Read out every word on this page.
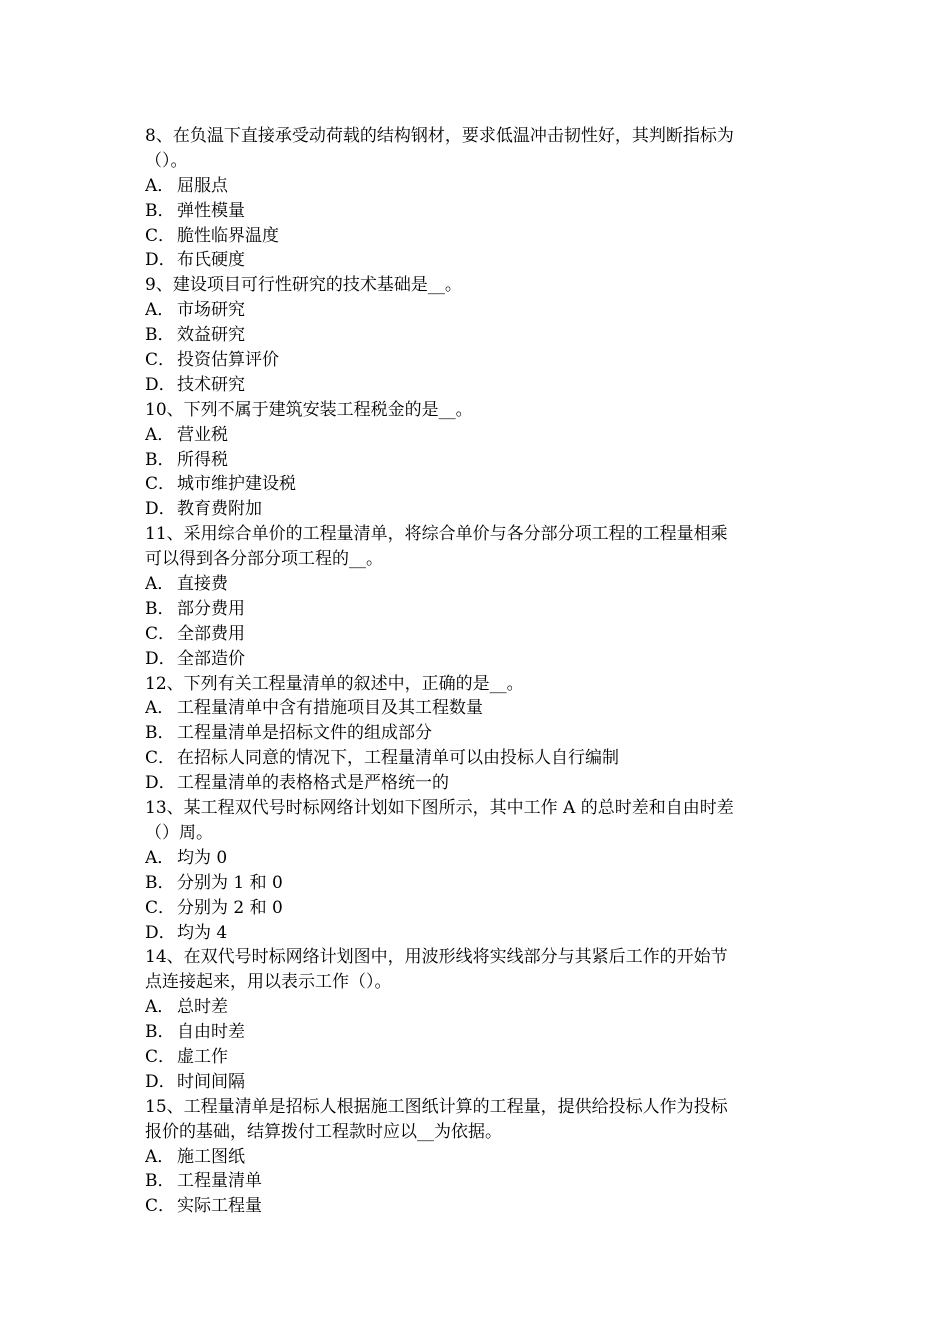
8、在负温下直接承受动荷载的结构钢材，要求低温冲击韧性好，其判断指标为
（）。
A． 屈服点
B． 弹性模量
C． 脆性临界温度
D．布氏硬度
9、建设项目可行性研究的技术基础是__。
A． 市场研究
B． 效益研究
C． 投资估算评价
D．技术研究
10、下列不属于建筑安装工程税金的是__。
A． 营业税
B． 所得税
C． 城市维护建设税
D．教育费附加
11、采用综合单价的工程量清单，将综合单价与各分部分项工程的工程量相乘
可以得到各分部分项工程的__。
A． 直接费
B． 部分费用
C． 全部费用
D．全部造价
12、下列有关工程量清单的叙述中，正确的是__。
A． 工程量清单中含有措施项目及其工程数量
B． 工程量清单是招标文件的组成部分
C． 在招标人同意的情况下，工程量清单可以由投标人自行编制
D．工程量清单的表格格式是严格统一的
13、某工程双代号时标网络计划如下图所示，其中工作 A 的总时差和自由时差
（）周。
A． 均为 0
B． 分别为 1 和 0
C． 分别为 2 和 0
D．均为 4
14、在双代号时标网络计划图中，用波形线将实线部分与其紧后工作的开始节
点连接起来，用以表示工作（）。
A． 总时差
B． 自由时差
C． 虚工作
D．时间间隔
15、工程量清单是招标人根据施工图纸计算的工程量，提供给投标人作为投标
报价的基础，结算拨付工程款时应以__为依据。
A． 施工图纸
B． 工程量清单
C． 实际工程量
